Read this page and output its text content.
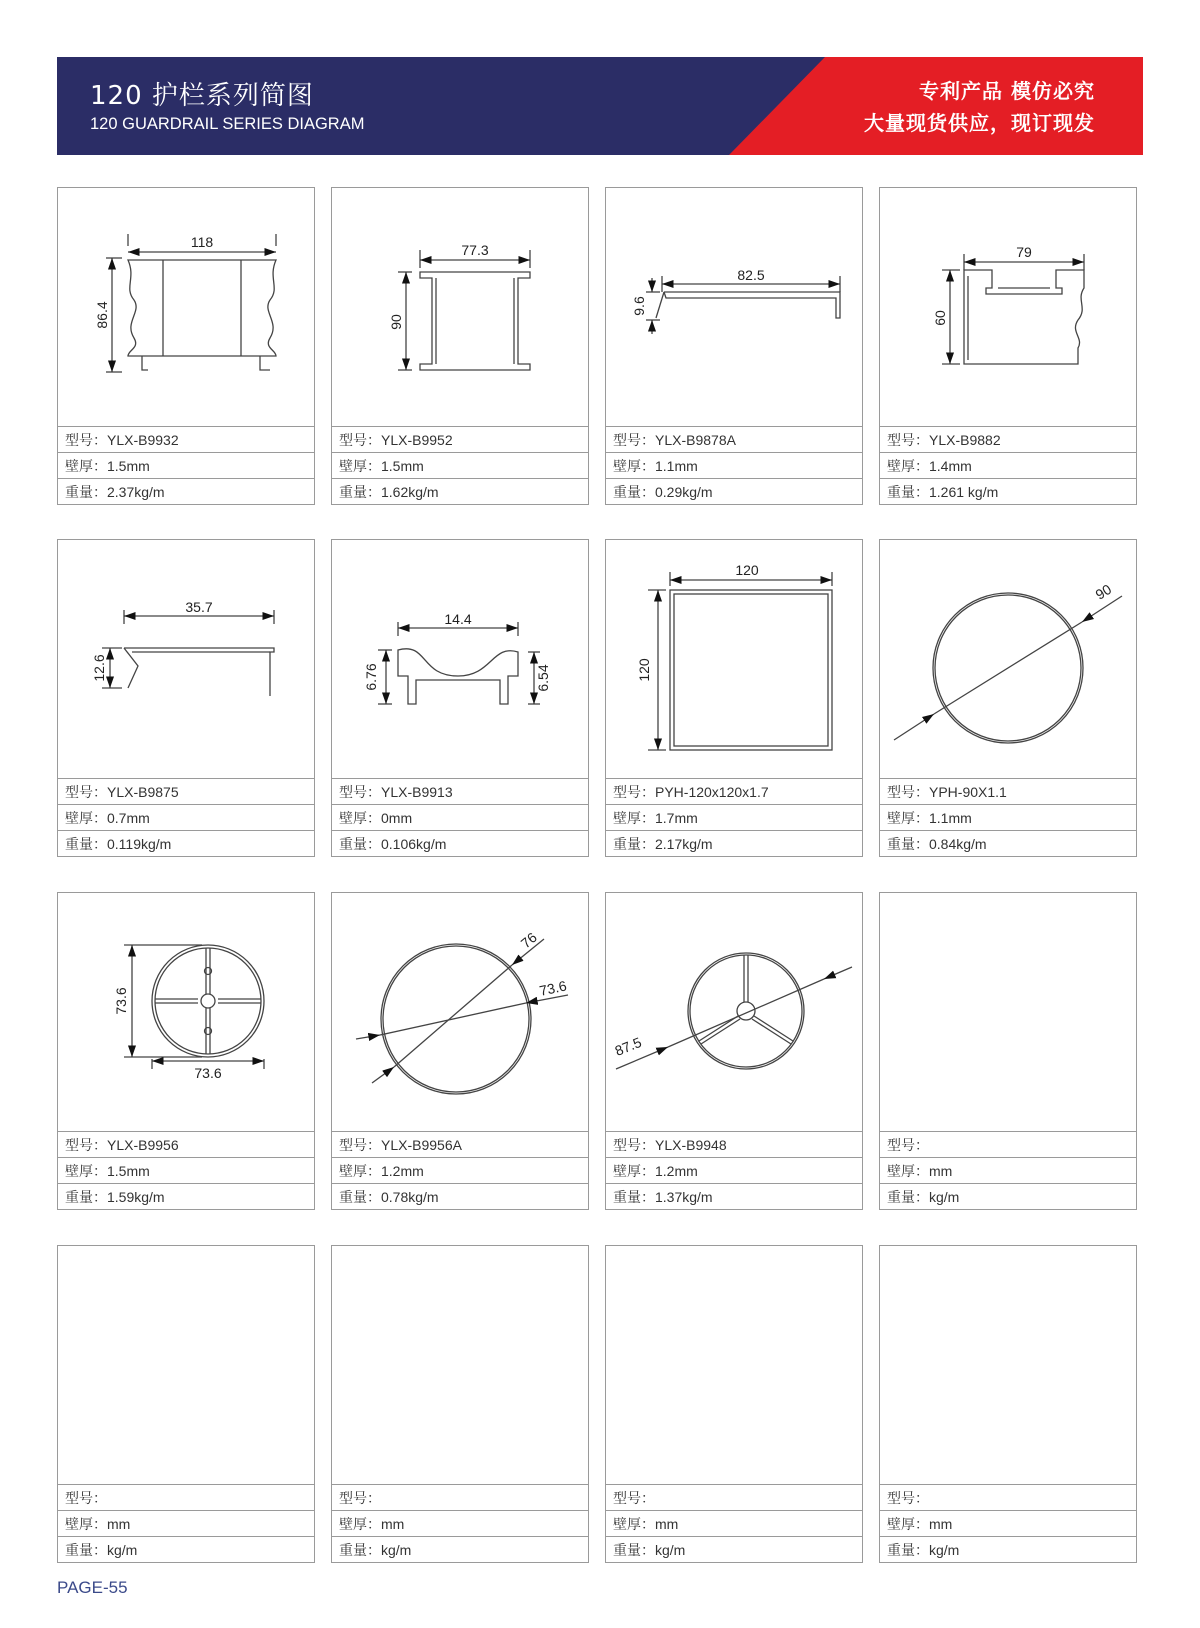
120 护栏系列简图
120 GUARDRAIL SERIES DIAGRAM
专利产品 模仿必究
大量现货供应，现订现发
118
86.4
型号：YLX-B9932
壁厚：1.5mm
重量：2.37kg/m
77.3
90
型号：YLX-B9952
壁厚：1.5mm
重量：1.62kg/m
82.5
9.6
型号：YLX-B9878A
壁厚：1.1mm
重量：0.29kg/m
79
60
型号：YLX-B9882
壁厚：1.4mm
重量：1.261 kg/m
35.7
12.6
型号：YLX-B9875
壁厚：0.7mm
重量：0.119kg/m
14.4
6.76	6.54
型号：YLX-B9913
壁厚：0mm
重量：0.106kg/m
120
120
型号：PYH-120x120x1.7
壁厚：1.7mm
重量：2.17kg/m
90
型号：YPH-90X1.1
壁厚：1.1mm
重量：0.84kg/m
73.6
73.6
型号：YLX-B9956
壁厚：1.5mm
重量：1.59kg/m
76
73.6
型号：YLX-B9956A
壁厚：1.2mm
重量：0.78kg/m
87.5
型号：YLX-B9948
壁厚：1.2mm
重量：1.37kg/m
型号：
壁厚：mm
重量：kg/m
型号：
壁厚：mm
重量：kg/m
型号：
壁厚：mm
重量：kg/m
型号：
壁厚：mm
重量：kg/m
型号：
壁厚：mm
重量：kg/m
PAGE-55
